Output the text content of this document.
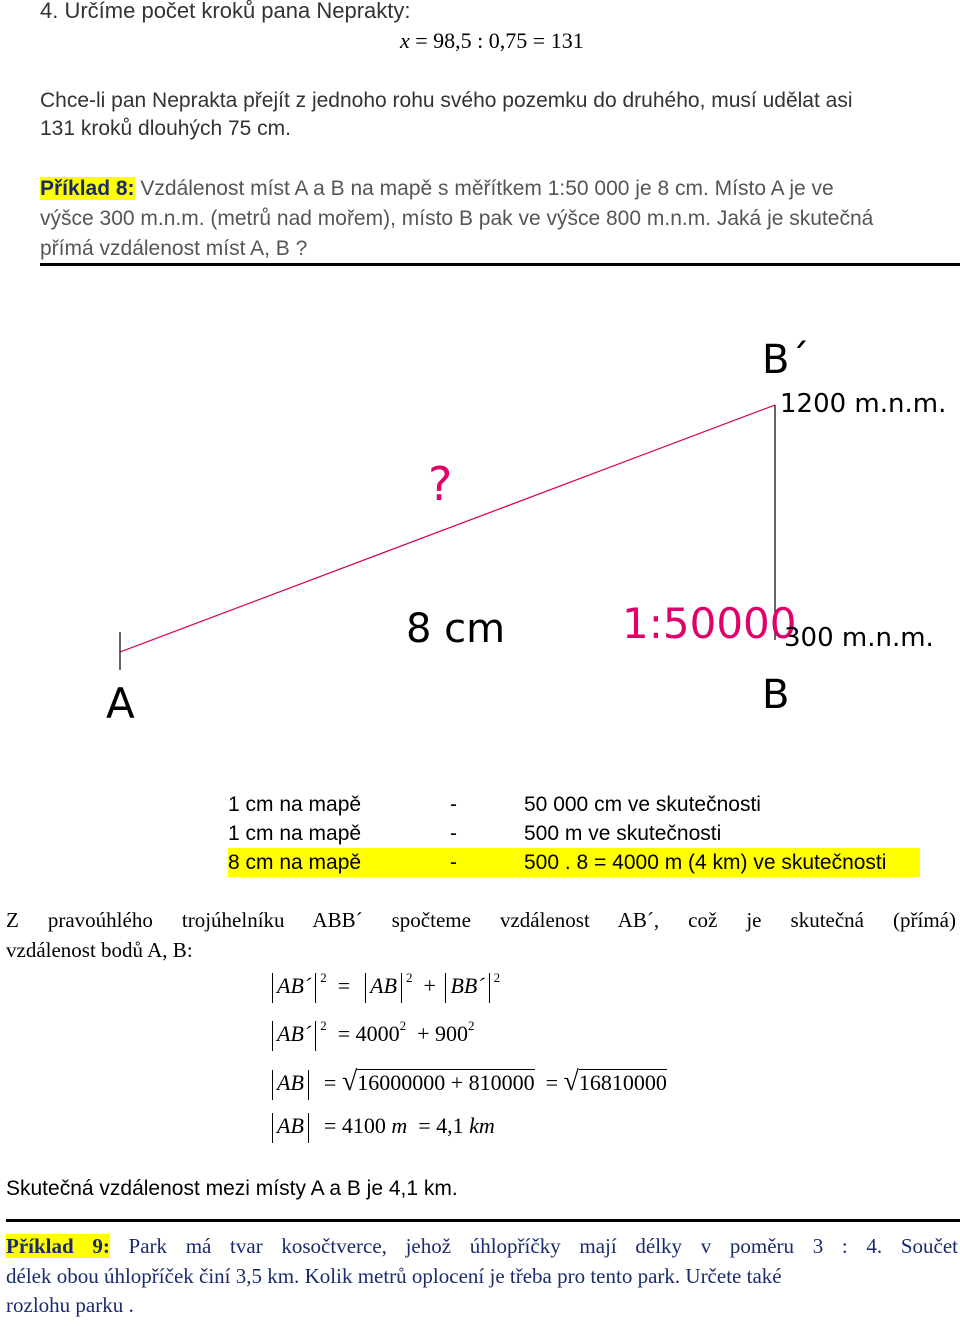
4. Určíme počet kroků pana Neprakty:
x = 98,5 : 0,75 = 131
Chce-li pan Neprakta přejít z jednoho rohu svého pozemku do druhého, musí udělat asi
131 kroků dlouhých 75 cm.
Příklad 8: Vzdálenost míst A a B na mapě s měřítkem 1:50 000 je 8 cm. Místo A je ve
výšce 300 m.n.m. (metrů nad mořem), místo B pak ve výšce 800 m.n.m. Jaká je skutečná
přímá vzdálenost míst A, B ?
B´
1200 m.n.m.
?
8 cm	1:50000
300 m.n.m.
A	B
1 cm na mapě	-	50 000 cm ve skutečnosti
1 cm na mapě	-	500 m ve skutečnosti
8 cm na mapě	-	500 . 8 = 4000 m (4 km) ve skutečnosti
Z pravoúhlého trojúhelníku ABB´ spočteme vzdálenost AB´, což je skutečná (přímá)
vzdálenost bodů A, B:
AB´ $^2$  =  AB $^2$  + BB´ $^2$
AB´ $^2 = 4000^2 + 900^2$
AB  = √16000000 + 810000  = √16810000
AB  = 4100 m  = 4,1 km
Skutečná vzdálenost mezi místy A a B je 4,1 km.
Příklad 9: Park má tvar kosočtverce, jehož úhlopříčky mají délky v poměru 3 : 4. Součet
délek obou úhlopříček činí 3,5 km. Kolik metrů oplocení je třeba pro tento park. Určete také
rozlohu parku .
